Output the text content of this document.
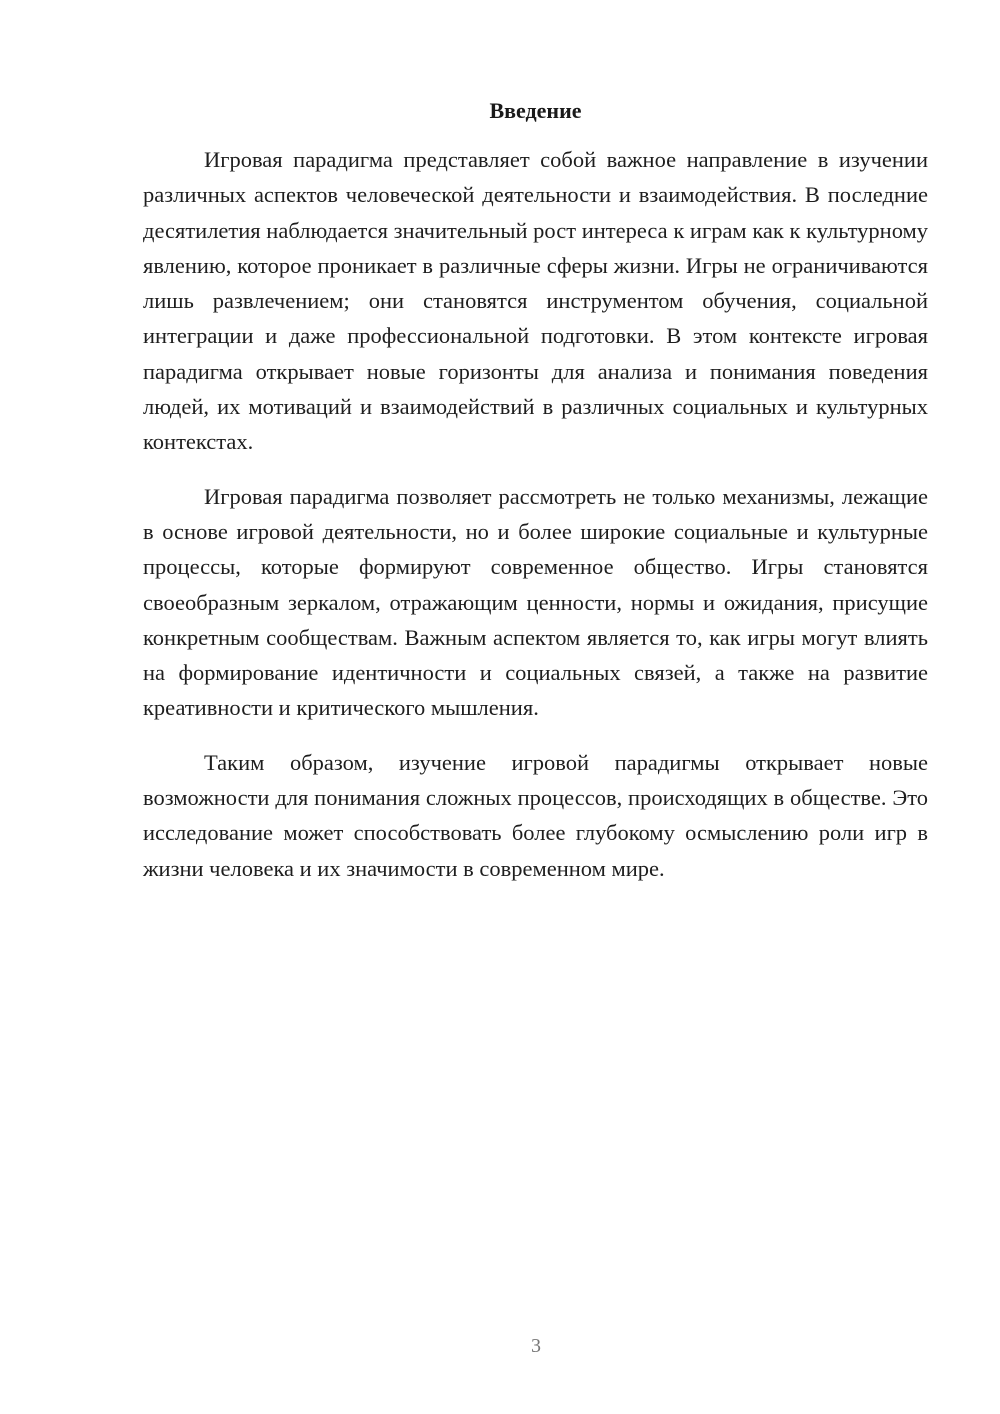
Введение

Игровая парадигма представляет собой важное направление в изучении различных аспектов человеческой деятельности и взаимодействия. В последние десятилетия наблюдается значительный рост интереса к играм как к культурному явлению, которое проникает в различные сферы жизни. Игры не ограничиваются лишь развлечением; они становятся инструментом обучения, социальной интеграции и даже профессиональной подготовки. В этом контексте игровая парадигма открывает новые горизонты для анализа и понимания поведения людей, их мотиваций и взаимодействий в различных социальных и культурных контекстах.

Игровая парадигма позволяет рассмотреть не только механизмы, лежащие в основе игровой деятельности, но и более широкие социальные и культурные процессы, которые формируют современное общество. Игры становятся своеобразным зеркалом, отражающим ценности, нормы и ожидания, присущие конкретным сообществам. Важным аспектом является то, как игры могут влиять на формирование идентичности и социальных связей, а также на развитие креативности и критического мышления.

Таким образом, изучение игровой парадигмы открывает новые возможности для понимания сложных процессов, происходящих в обществе. Это исследование может способствовать более глубокому осмыслению роли игр в жизни человека и их значимости в современном мире.

3
